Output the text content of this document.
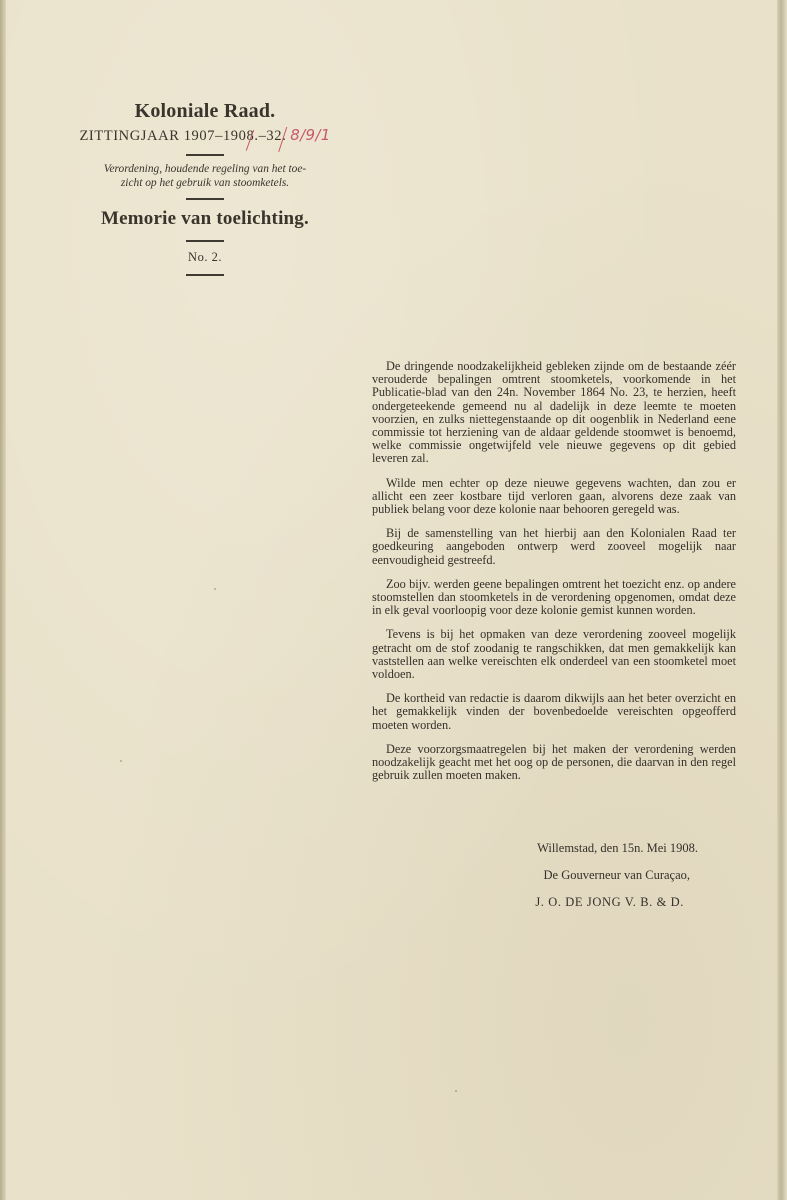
Koloniale Raad.
ZITTINGJAAR 1907–1908.–32. 8/9/1

Verordening, houdende regeling van het toe-
zicht op het gebruik van stoomketels.

Memorie van toelichting.

No. 2.

De dringende noodzakelijkheid gebleken zijnde om de bestaande zéér verouderde bepalingen omtrent stoomketels, voorkomende in het Publicatie-blad van den 24n. November 1864 No. 23, te herzien, heeft ondergeteekende gemeend nu al dadelijk in deze leemte te moeten voorzien, en zulks niettegenstaande op dit oogenblik in Nederland eene commissie tot herziening van de aldaar geldende stoomwet is benoemd, welke commissie ongetwijfeld vele nieuwe gegevens op dit gebied leveren zal.

Wilde men echter op deze nieuwe gegevens wachten, dan zou er allicht een zeer kostbare tijd verloren gaan, alvorens deze zaak van publiek belang voor deze kolonie naar behooren geregeld was.

Bij de samenstelling van het hierbij aan den Kolonialen Raad ter goedkeuring aangeboden ontwerp werd zooveel mogelijk naar eenvoudigheid gestreefd.

Zoo bijv. werden geene bepalingen omtrent het toezicht enz. op andere stoomstellen dan stoomketels in de verordening opgenomen, omdat deze in elk geval voorloopig voor deze kolonie gemist kunnen worden.

Tevens is bij het opmaken van deze verordening zooveel mogelijk getracht om de stof zoodanig te rangschikken, dat men gemakkelijk kan vaststellen aan welke vereischten elk onderdeel van een stoomketel moet voldoen.

De kortheid van redactie is daarom dikwijls aan het beter overzicht en het gemakkelijk vinden der bovenbedoelde vereischten opgeofferd moeten worden.

Deze voorzorgsmaatregelen bij het maken der verordening werden noodzakelijk geacht met het oog op de personen, die daarvan in den regel gebruik zullen moeten maken.

Willemstad, den 15n. Mei 1908.

De Gouverneur van Curaçao,

J. O. DE JONG V. B. & D.
